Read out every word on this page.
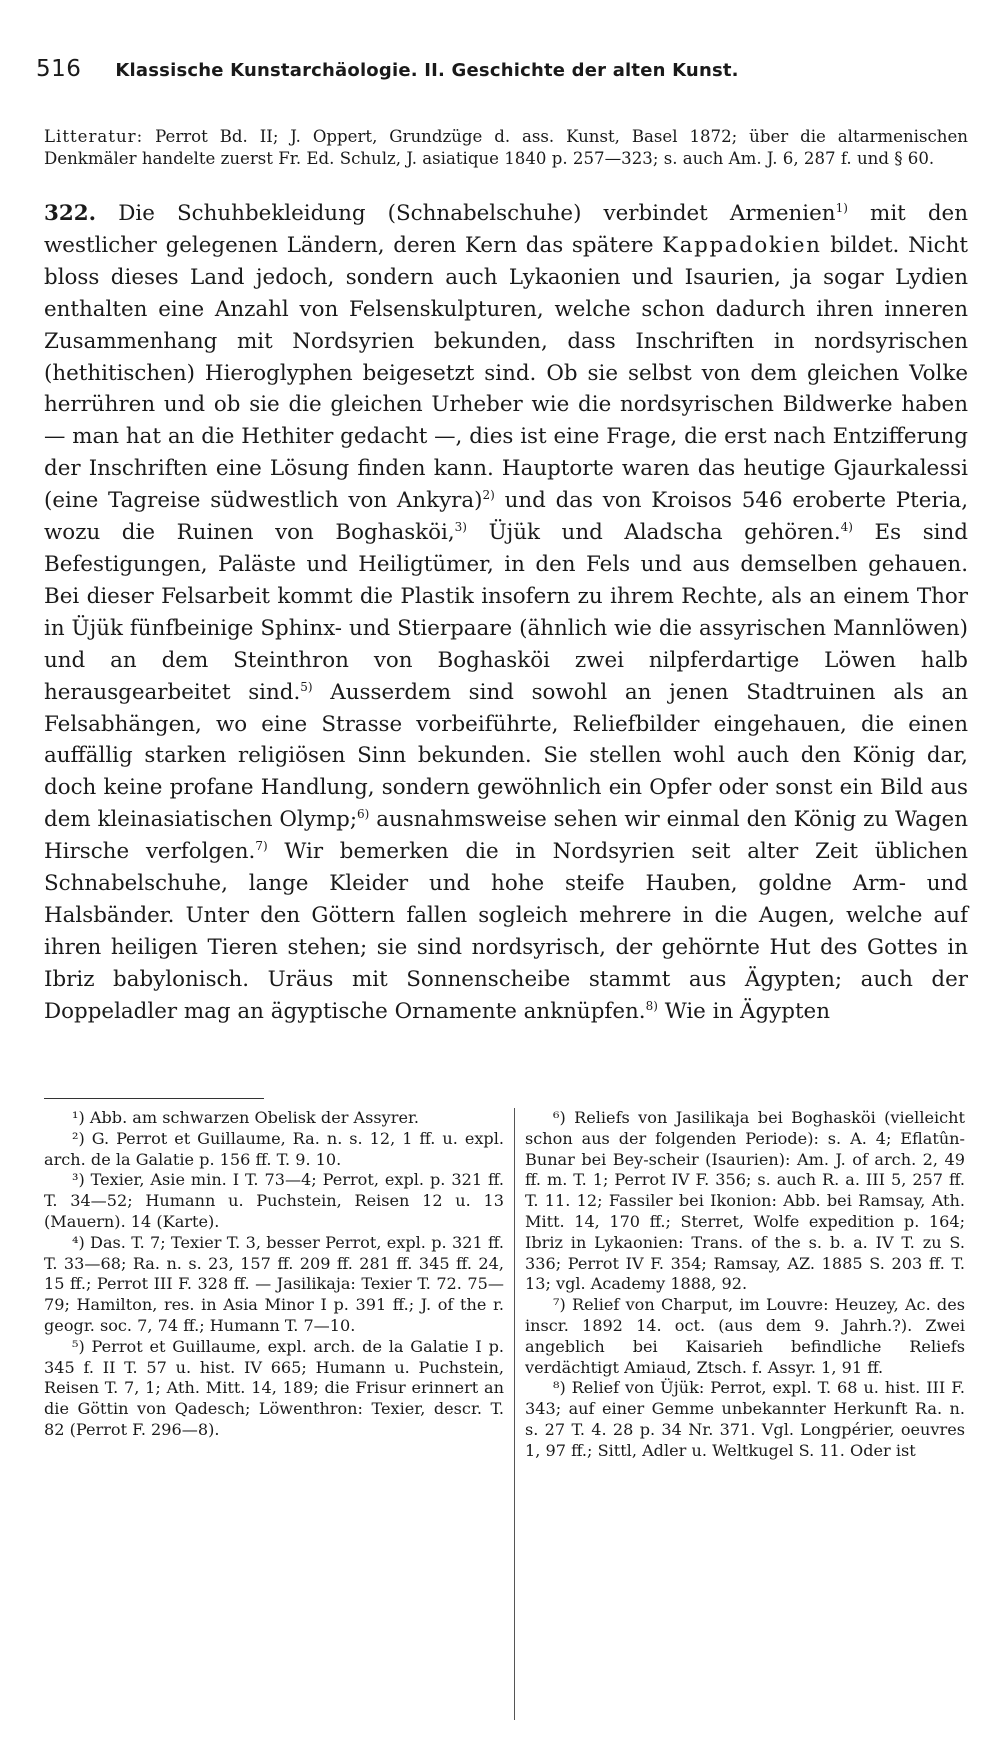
516 Klassische Kunstarchäologie. II. Geschichte der alten Kunst.

Litteratur: Perrot Bd. II; J. Oppert, Grundzüge d. ass. Kunst, Basel 1872; über die altarmenischen Denkmäler handelte zuerst Fr. Ed. Schulz, J. asiatique 1840 p. 257—323; s. auch Am. J. 6, 287 f. und § 60.

322. Die Schuhbekleidung (Schnabelschuhe) verbindet Armenien$^{1)}$ mit den westlicher gelegenen Ländern, deren Kern das spätere Kappadokien bildet. Nicht bloss dieses Land jedoch, sondern auch Lykaonien und Isaurien, ja sogar Lydien enthalten eine Anzahl von Felsenskulpturen, welche schon dadurch ihren inneren Zusammenhang mit Nordsyrien bekunden, dass Inschriften in nordsyrischen (hethitischen) Hieroglyphen beigesetzt sind. Ob sie selbst von dem gleichen Volke herrühren und ob sie die gleichen Urheber wie die nordsyrischen Bildwerke haben — man hat an die Hethiter gedacht —, dies ist eine Frage, die erst nach Entzifferung der Inschriften eine Lösung finden kann. Hauptorte waren das heutige Gjaurkalessi (eine Tagreise südwestlich von Ankyra)$^{2)}$ und das von Kroisos 546 eroberte Pteria, wozu die Ruinen von Boghasköi,$^{3)}$ Üjük und Aladscha gehören.$^{4)}$ Es sind Befestigungen, Paläste und Heiligtümer, in den Fels und aus demselben gehauen. Bei dieser Felsarbeit kommt die Plastik insofern zu ihrem Rechte, als an einem Thor in Üjük fünfbeinige Sphinx- und Stierpaare (ähnlich wie die assyrischen Mannlöwen) und an dem Steinthron von Boghasköi zwei nilpferdartige Löwen halb herausgearbeitet sind.$^{5)}$ Ausserdem sind sowohl an jenen Stadtruinen als an Felsabhängen, wo eine Strasse vorbeiführte, Reliefbilder eingehauen, die einen auffällig starken religiösen Sinn bekunden. Sie stellen wohl auch den König dar, doch keine profane Handlung, sondern gewöhnlich ein Opfer oder sonst ein Bild aus dem kleinasiatischen Olymp;$^{6)}$ ausnahmsweise sehen wir einmal den König zu Wagen Hirsche verfolgen.$^{7)}$ Wir bemerken die in Nordsyrien seit alter Zeit üblichen Schnabelschuhe, lange Kleider und hohe steife Hauben, goldne Arm- und Halsbänder. Unter den Göttern fallen sogleich mehrere in die Augen, welche auf ihren heiligen Tieren stehen; sie sind nordsyrisch, der gehörnte Hut des Gottes in Ibriz babylonisch. Uräus mit Sonnenscheibe stammt aus Ägypten; auch der Doppeladler mag an ägyptische Ornamente anknüpfen.$^{8)}$ Wie in Ägypten

¹) Abb. am schwarzen Obelisk der Assyrer.

²) G. Perrot et Guillaume, Ra. n. s. 12, 1 ff. u. expl. arch. de la Galatie p. 156 ff. T. 9. 10.

³) Texier, Asie min. I T. 73—4; Perrot, expl. p. 321 ff. T. 34—52; Humann u. Puchstein, Reisen 12 u. 13 (Mauern). 14 (Karte).

⁴) Das. T. 7; Texier T. 3, besser Perrot, expl. p. 321 ff. T. 33—68; Ra. n. s. 23, 157 ff. 209 ff. 281 ff. 345 ff. 24, 15 ff.; Perrot III F. 328 ff. — Jasilikaja: Texier T. 72. 75—79; Hamilton, res. in Asia Minor I p. 391 ff.; J. of the r. geogr. soc. 7, 74 ff.; Humann T. 7—10.

⁵) Perrot et Guillaume, expl. arch. de la Galatie I p. 345 f. II T. 57 u. hist. IV 665; Humann u. Puchstein, Reisen T. 7, 1; Ath. Mitt. 14, 189; die Frisur erinnert an die Göttin von Qadesch; Löwenthron: Texier, descr. T. 82 (Perrot F. 296—8).

⁶) Reliefs von Jasilikaja bei Boghasköi (vielleicht schon aus der folgenden Periode): s. A. 4; Eflatûn-Bunar bei Bey-scheir (Isaurien): Am. J. of arch. 2, 49 ff. m. T. 1; Perrot IV F. 356; s. auch R. a. III 5, 257 ff. T. 11. 12; Fassiler bei Ikonion: Abb. bei Ramsay, Ath. Mitt. 14, 170 ff.; Sterret, Wolfe expedition p. 164; Ibriz in Lykaonien: Trans. of the s. b. a. IV T. zu S. 336; Perrot IV F. 354; Ramsay, AZ. 1885 S. 203 ff. T. 13; vgl. Academy 1888, 92.

⁷) Relief von Charput, im Louvre: Heuzey, Ac. des inscr. 1892 14. oct. (aus dem 9. Jahrh.?). Zwei angeblich bei Kaisarieh befindliche Reliefs verdächtigt Amiaud, Ztsch. f. Assyr. 1, 91 ff.

⁸) Relief von Üjük: Perrot, expl. T. 68 u. hist. III F. 343; auf einer Gemme unbekannter Herkunft Ra. n. s. 27 T. 4. 28 p. 34 Nr. 371. Vgl. Longpérier, oeuvres 1, 97 ff.; Sittl, Adler u. Weltkugel S. 11. Oder ist
